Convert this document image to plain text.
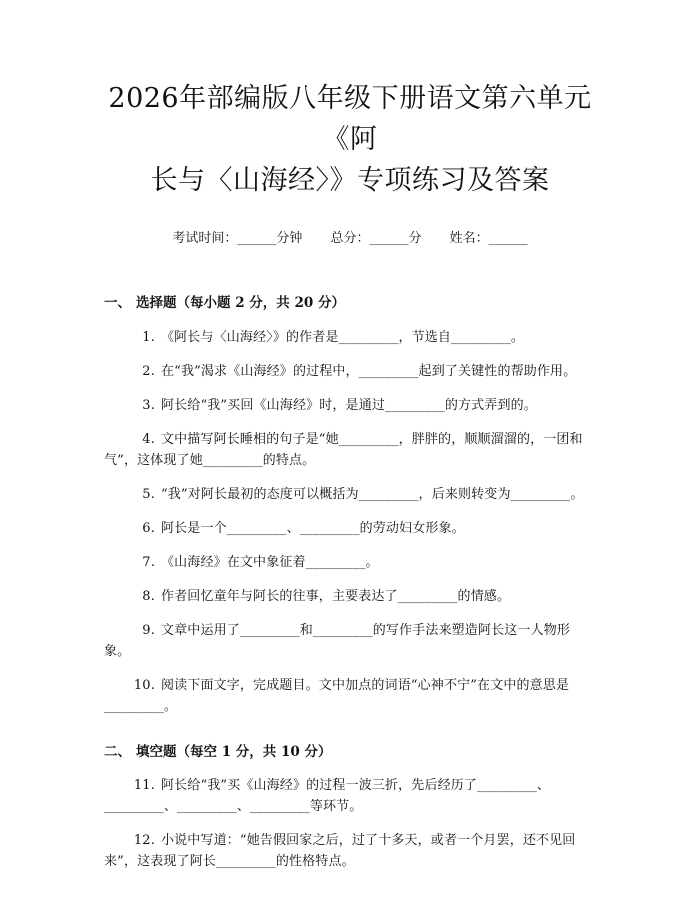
2026年部编版八年级下册语文第六单元《阿
长与〈山海经〉》专项练习及答案
考试时间：______分钟 总分：______分 姓名：______
一、 选择题（每小题 2 分，共 20 分）
1. 《阿长与〈山海经〉》的作者是_________，节选自_________。
2. 在“我”渴求《山海经》的过程中，_________起到了关键性的帮助作用。
3. 阿长给“我”买回《山海经》时，是通过_________的方式弄到的。
4. 文中描写阿长睡相的句子是“她_________，胖胖的，顺顺溜溜的，一团和气”，这体现了她_________的特点。
5. “我”对阿长最初的态度可以概括为_________，后来则转变为_________。
6. 阿长是一个_________、_________的劳动妇女形象。
7. 《山海经》在文中象征着_________。
8. 作者回忆童年与阿长的往事，主要表达了_________的情感。
9. 文章中运用了_________和_________的写作手法来塑造阿长这一人物形象。
10. 阅读下面文字，完成题目。文中加点的词语“心神不宁”在文中的意思是_________。
二、 填空题（每空 1 分，共 10 分）
11. 阿长给“我”买《山海经》的过程一波三折，先后经历了_________、_________、_________、_________等环节。
12. 小说中写道：“她告假回家之后，过了十多天，或者一个月罢，还不见回来”，这表现了阿长_________的性格特点。
